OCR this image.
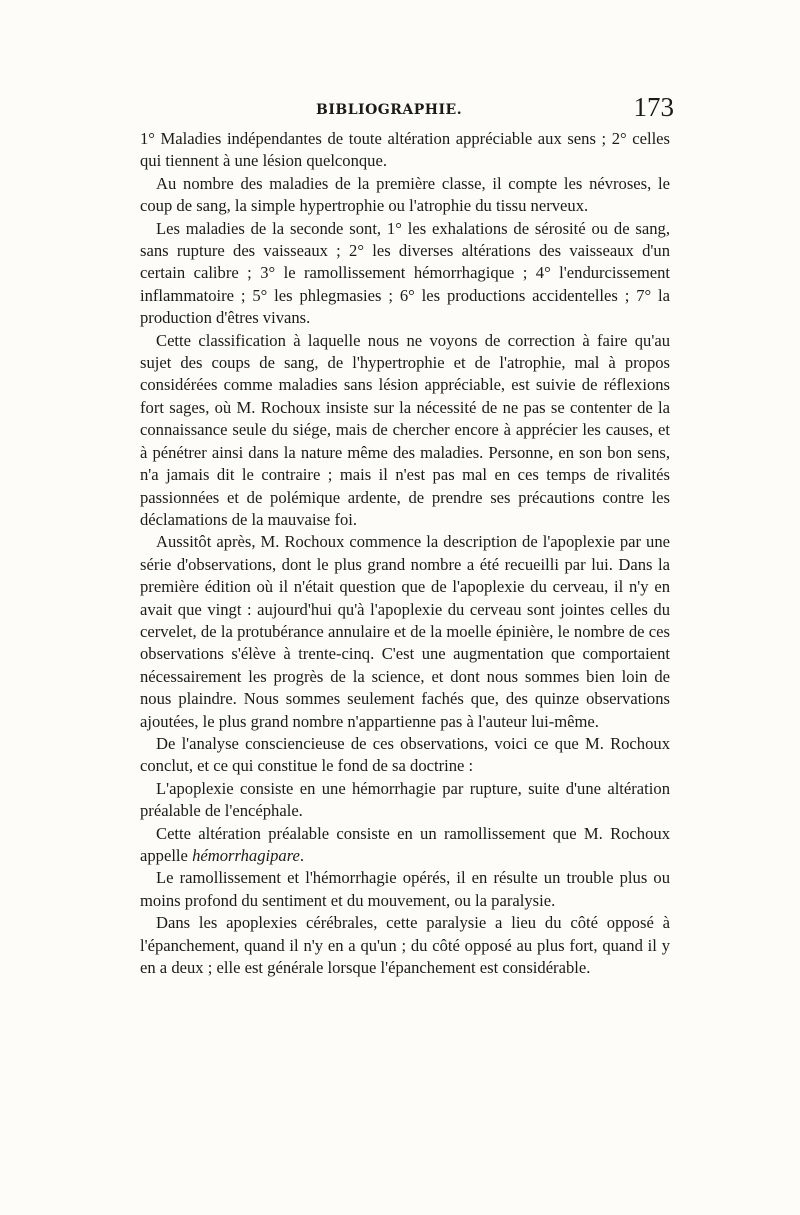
BIBLIOGRAPHIE.	173

1° Maladies indépendantes de toute altération appréciable aux sens ; 2° celles qui tiennent à une lésion quelconque.

Au nombre des maladies de la première classe, il compte les névroses, le coup de sang, la simple hypertrophie ou l'atrophie du tissu nerveux.

Les maladies de la seconde sont, 1° les exhalations de sérosité ou de sang, sans rupture des vaisseaux ; 2° les diverses altérations des vaisseaux d'un certain calibre ; 3° le ramollissement hémorrhagique ; 4° l'endurcissement inflammatoire ; 5° les phlegmasies ; 6° les productions accidentelles ; 7° la production d'êtres vivans.

Cette classification à laquelle nous ne voyons de correction à faire qu'au sujet des coups de sang, de l'hypertrophie et de l'atrophie, mal à propos considérées comme maladies sans lésion appréciable, est suivie de réflexions fort sages, où M. Rochoux insiste sur la nécessité de ne pas se contenter de la connaissance seule du siége, mais de chercher encore à apprécier les causes, et à pénétrer ainsi dans la nature même des maladies. Personne, en son bon sens, n'a jamais dit le contraire ; mais il n'est pas mal en ces temps de rivalités passionnées et de polémique ardente, de prendre ses précautions contre les déclamations de la mauvaise foi.

Aussitôt après, M. Rochoux commence la description de l'apoplexie par une série d'observations, dont le plus grand nombre a été recueilli par lui. Dans la première édition où il n'était question que de l'apoplexie du cerveau, il n'y en avait que vingt : aujourd'hui qu'à l'apoplexie du cerveau sont jointes celles du cervelet, de la protubérance annulaire et de la moelle épinière, le nombre de ces observations s'élève à trente-cinq. C'est une augmentation que comportaient nécessairement les progrès de la science, et dont nous sommes bien loin de nous plaindre. Nous sommes seulement fachés que, des quinze observations ajoutées, le plus grand nombre n'appartienne pas à l'auteur lui-même.

De l'analyse consciencieuse de ces observations, voici ce que M. Rochoux conclut, et ce qui constitue le fond de sa doctrine :

L'apoplexie consiste en une hémorrhagie par rupture, suite d'une altération préalable de l'encéphale.

Cette altération préalable consiste en un ramollissement que M. Rochoux appelle hémorrhagipare.

Le ramollissement et l'hémorrhagie opérés, il en résulte un trouble plus ou moins profond du sentiment et du mouvement, ou la paralysie.

Dans les apoplexies cérébrales, cette paralysie a lieu du côté opposé à l'épanchement, quand il n'y en a qu'un ; du côté opposé au plus fort, quand il y en a deux ; elle est générale lorsque l'épanchement est considérable.
